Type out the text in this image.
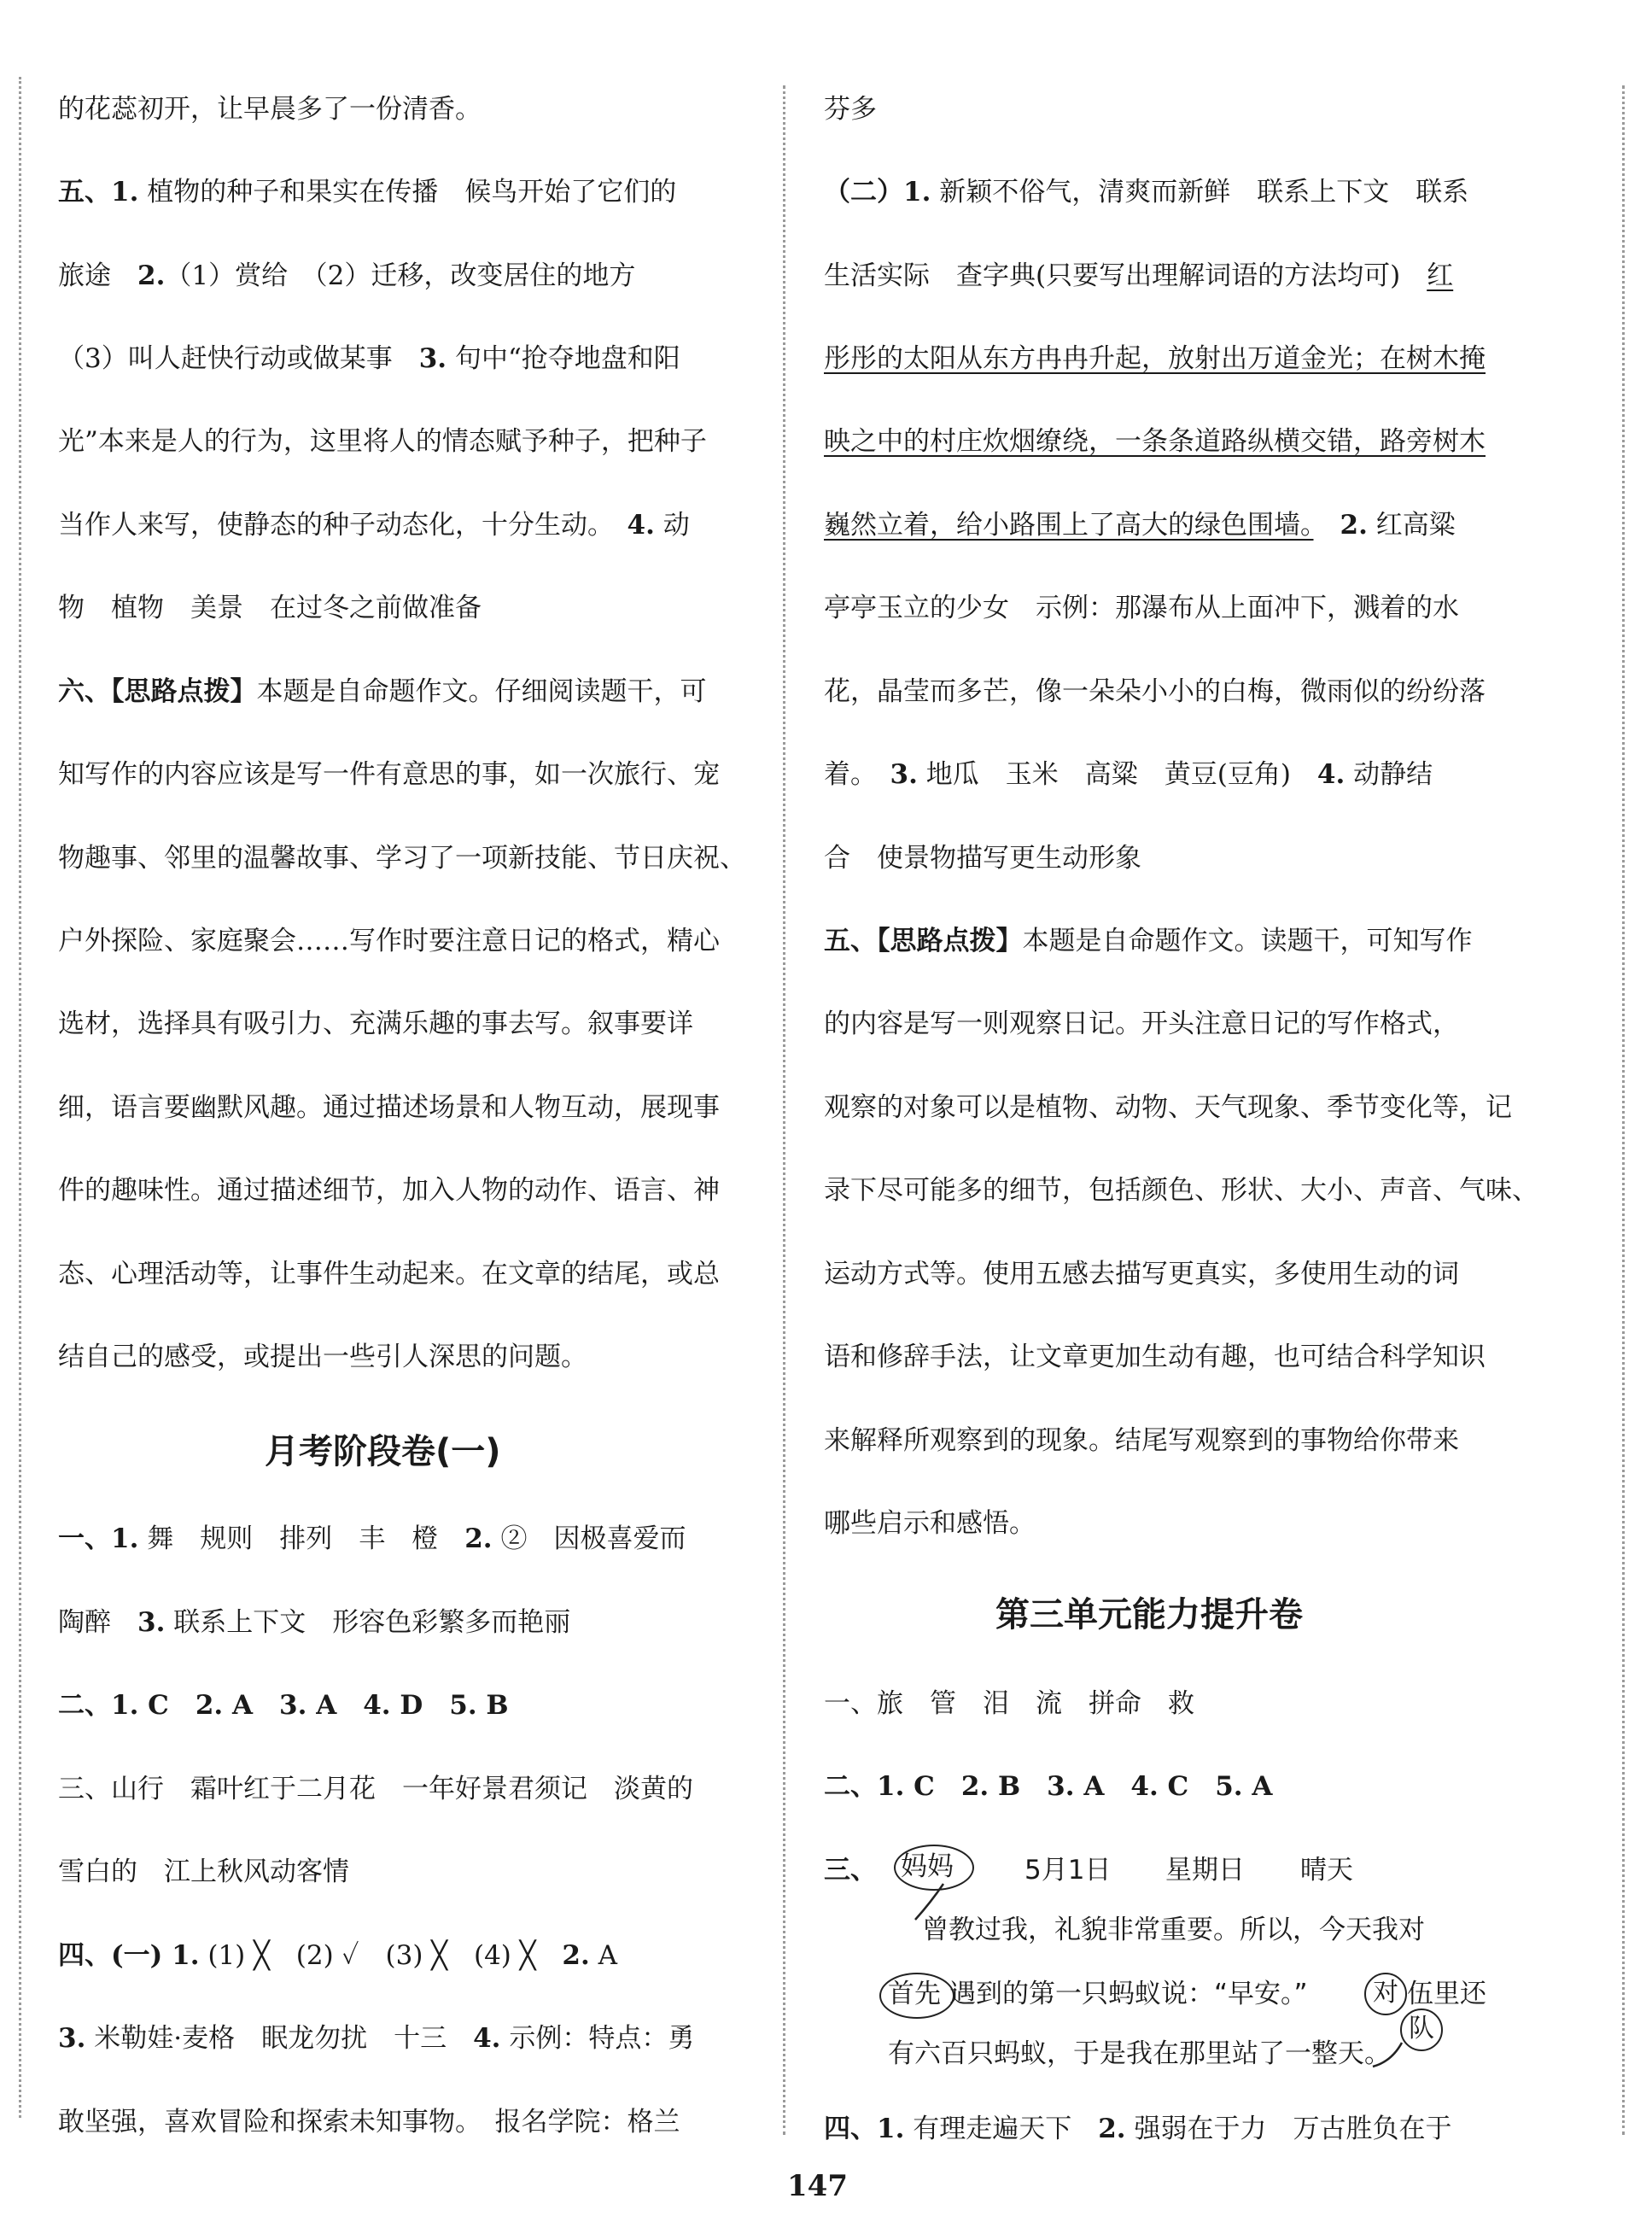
的花蕊初开，让早晨多了一份清香。
五、1. 植物的种子和果实在传播　候鸟开始了它们的
旅途　2.（1）赏给　（2）迁移，改变居住的地方
（3）叫人赶快行动或做某事　3. 句中“抢夺地盘和阳
光”本来是人的行为，这里将人的情态赋予种子，把种子
当作人来写，使静态的种子动态化，十分生动。　4. 动
物　植物　美景　在过冬之前做准备
六、【思路点拨】本题是自命题作文。仔细阅读题干，可
知写作的内容应该是写一件有意思的事，如一次旅行、宠
物趣事、邻里的温馨故事、学习了一项新技能、节日庆祝、
户外探险、家庭聚会……写作时要注意日记的格式，精心
选材，选择具有吸引力、充满乐趣的事去写。叙事要详
细，语言要幽默风趣。通过描述场景和人物互动，展现事
件的趣味性。通过描述细节，加入人物的动作、语言、神
态、心理活动等，让事件生动起来。在文章的结尾，或总
结自己的感受，或提出一些引人深思的问题。
月考阶段卷(一)
一、1. 舞　规则　排列　丰　橙　2. ②　因极喜爱而
陶醉　3. 联系上下文　形容色彩繁多而艳丽
二、1. C　2. A　3. A　4. D　5. B
三、山行　霜叶红于二月花　一年好景君须记　淡黄的
雪白的　江上秋风动客情
四、(一) 1. (1) ╳　(2) ✓　(3) ╳　(4) ╳　2. A
3. 米勒娃·麦格　眠龙勿扰　十三　4. 示例：特点：勇
敢坚强，喜欢冒险和探索未知事物。　报名学院：格兰
芬多
（二）1. 新颖不俗气，清爽而新鲜　联系上下文　联系
生活实际　查字典(只要写出理解词语的方法均可)　红
彤彤的太阳从东方冉冉升起，放射出万道金光；在树木掩
映之中的村庄炊烟缭绕，一条条道路纵横交错，路旁树木
巍然立着，给小路围上了高大的绿色围墙。　2. 红高粱
亭亭玉立的少女　示例：那瀑布从上面冲下，溅着的水
花，晶莹而多芒，像一朵朵小小的白梅，微雨似的纷纷落
着。　3. 地瓜　玉米　高粱　黄豆(豆角)　4. 动静结
合　使景物描写更生动形象
五、【思路点拨】本题是自命题作文。读题干，可知写作
的内容是写一则观察日记。开头注意日记的写作格式，
观察的对象可以是植物、动物、天气现象、季节变化等，记
录下尽可能多的细节，包括颜色、形状、大小、声音、气味、
运动方式等。使用五感去描写更真实，多使用生动的词
语和修辞手法，让文章更加生动有趣，也可结合科学知识
来解释所观察到的现象。结尾写观察到的事物给你带来
哪些启示和感悟。
第三单元能力提升卷
一、旅　管　泪　流　拼命　救
二、1. C　2. B　3. A　4. C　5. A
三、 妈妈	5月1日 星期日 晴天
曾教过我，礼貌非常重要。所以，今天我对
首先 遇到的第一只蚂蚁说：“早安。”	对 伍里还
队
有六百只蚂蚁，于是我在那里站了一整天。
四、1. 有理走遍天下　2. 强弱在于力　万古胜负在于
147
